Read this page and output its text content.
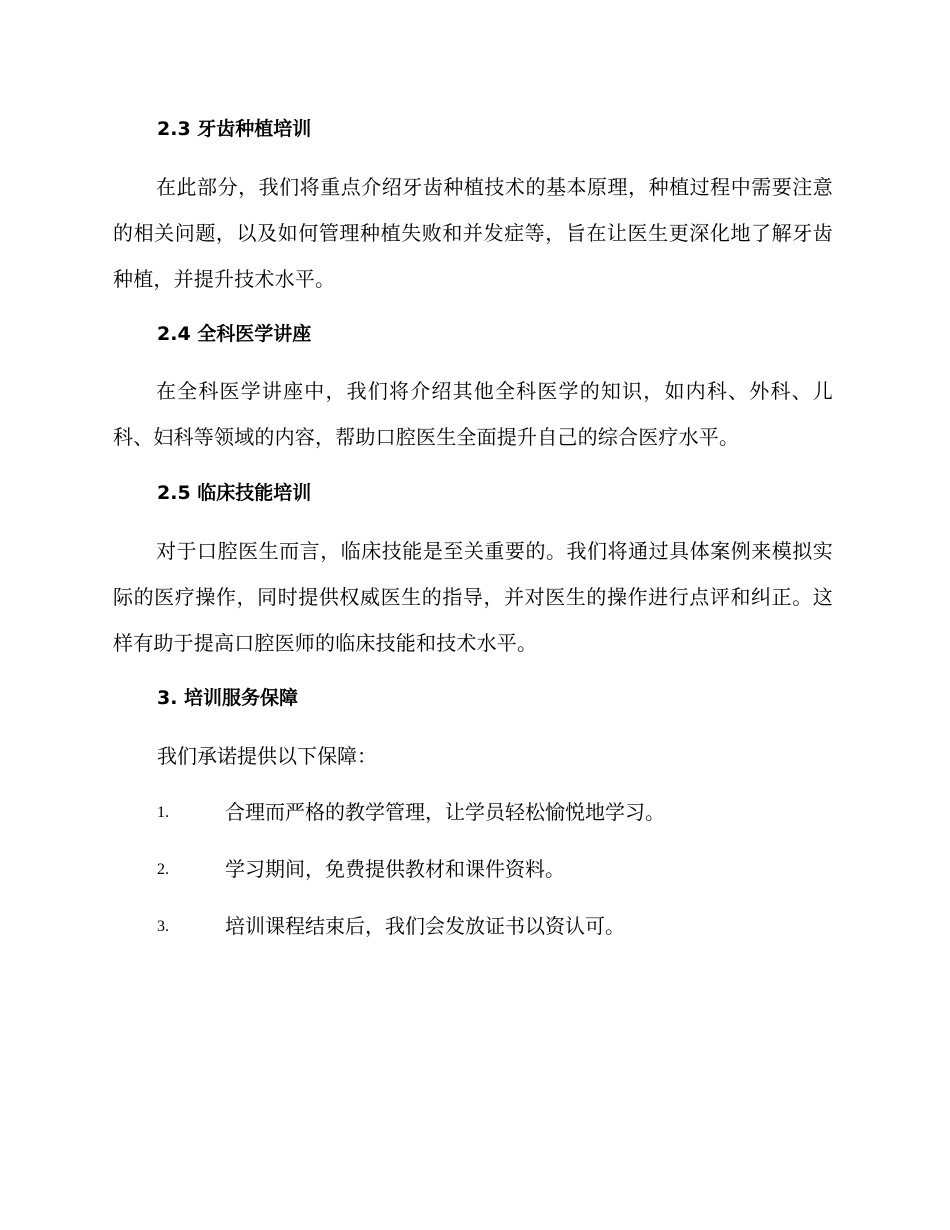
2.3 牙齿种植培训
在此部分，我们将重点介绍牙齿种植技术的基本原理，种植过程中需要注意的相关问题，以及如何管理种植失败和并发症等，旨在让医生更深化地了解牙齿种植，并提升技术水平。
2.4 全科医学讲座
在全科医学讲座中，我们将介绍其他全科医学的知识，如内科、外科、儿科、妇科等领域的内容，帮助口腔医生全面提升自己的综合医疗水平。
2.5 临床技能培训
对于口腔医生而言，临床技能是至关重要的。我们将通过具体案例来模拟实际的医疗操作，同时提供权威医生的指导，并对医生的操作进行点评和纠正。这样有助于提高口腔医师的临床技能和技术水平。
3. 培训服务保障
我们承诺提供以下保障：
1.	合理而严格的教学管理，让学员轻松愉悦地学习。
2.	学习期间，免费提供教材和课件资料。
3.	培训课程结束后，我们会发放证书以资认可。
